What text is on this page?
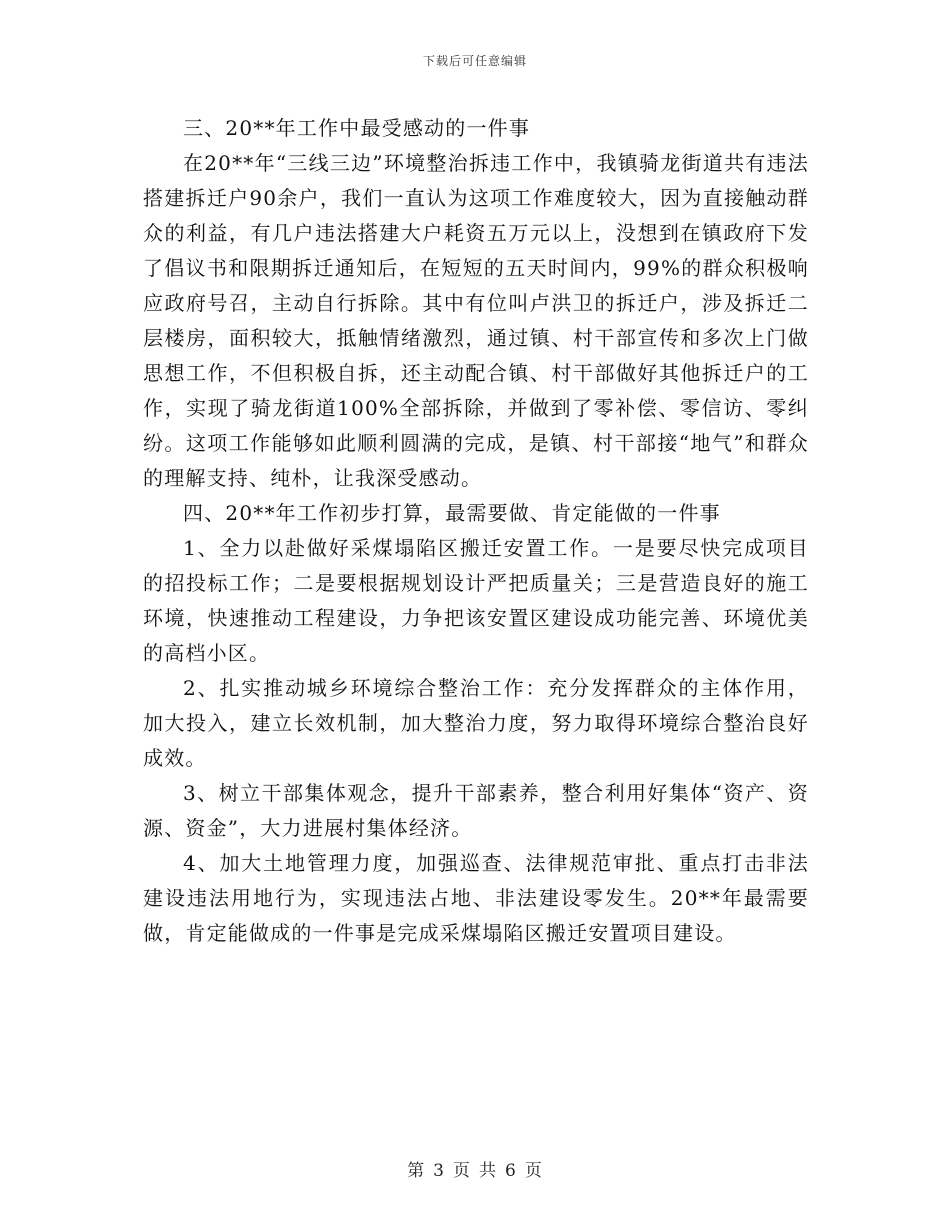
下载后可任意编辑

三、20**年工作中最受感动的一件事

在20**年“三线三边”环境整治拆违工作中，我镇骑龙街道共有违法搭建拆迁户90余户，我们一直认为这项工作难度较大，因为直接触动群众的利益，有几户违法搭建大户耗资五万元以上，没想到在镇政府下发了倡议书和限期拆迁通知后，在短短的五天时间内，99%的群众积极响应政府号召，主动自行拆除。其中有位叫卢洪卫的拆迁户，涉及拆迁二层楼房，面积较大，抵触情绪激烈，通过镇、村干部宣传和多次上门做思想工作，不但积极自拆，还主动配合镇、村干部做好其他拆迁户的工作，实现了骑龙街道100%全部拆除，并做到了零补偿、零信访、零纠纷。这项工作能够如此顺利圆满的完成，是镇、村干部接“地气”和群众的理解支持、纯朴，让我深受感动。

四、20**年工作初步打算，最需要做、肯定能做的一件事

1、全力以赴做好采煤塌陷区搬迁安置工作。一是要尽快完成项目的招投标工作；二是要根据规划设计严把质量关；三是营造良好的施工环境，快速推动工程建设，力争把该安置区建设成功能完善、环境优美的高档小区。

2、扎实推动城乡环境综合整治工作：充分发挥群众的主体作用，加大投入，建立长效机制，加大整治力度，努力取得环境综合整治良好成效。

3、树立干部集体观念，提升干部素养，整合利用好集体“资产、资源、资金”，大力进展村集体经济。

4、加大土地管理力度，加强巡查、法律规范审批、重点打击非法建设违法用地行为，实现违法占地、非法建设零发生。20**年最需要做，肯定能做成的一件事是完成采煤塌陷区搬迁安置项目建设。

第 3 页 共 6 页
